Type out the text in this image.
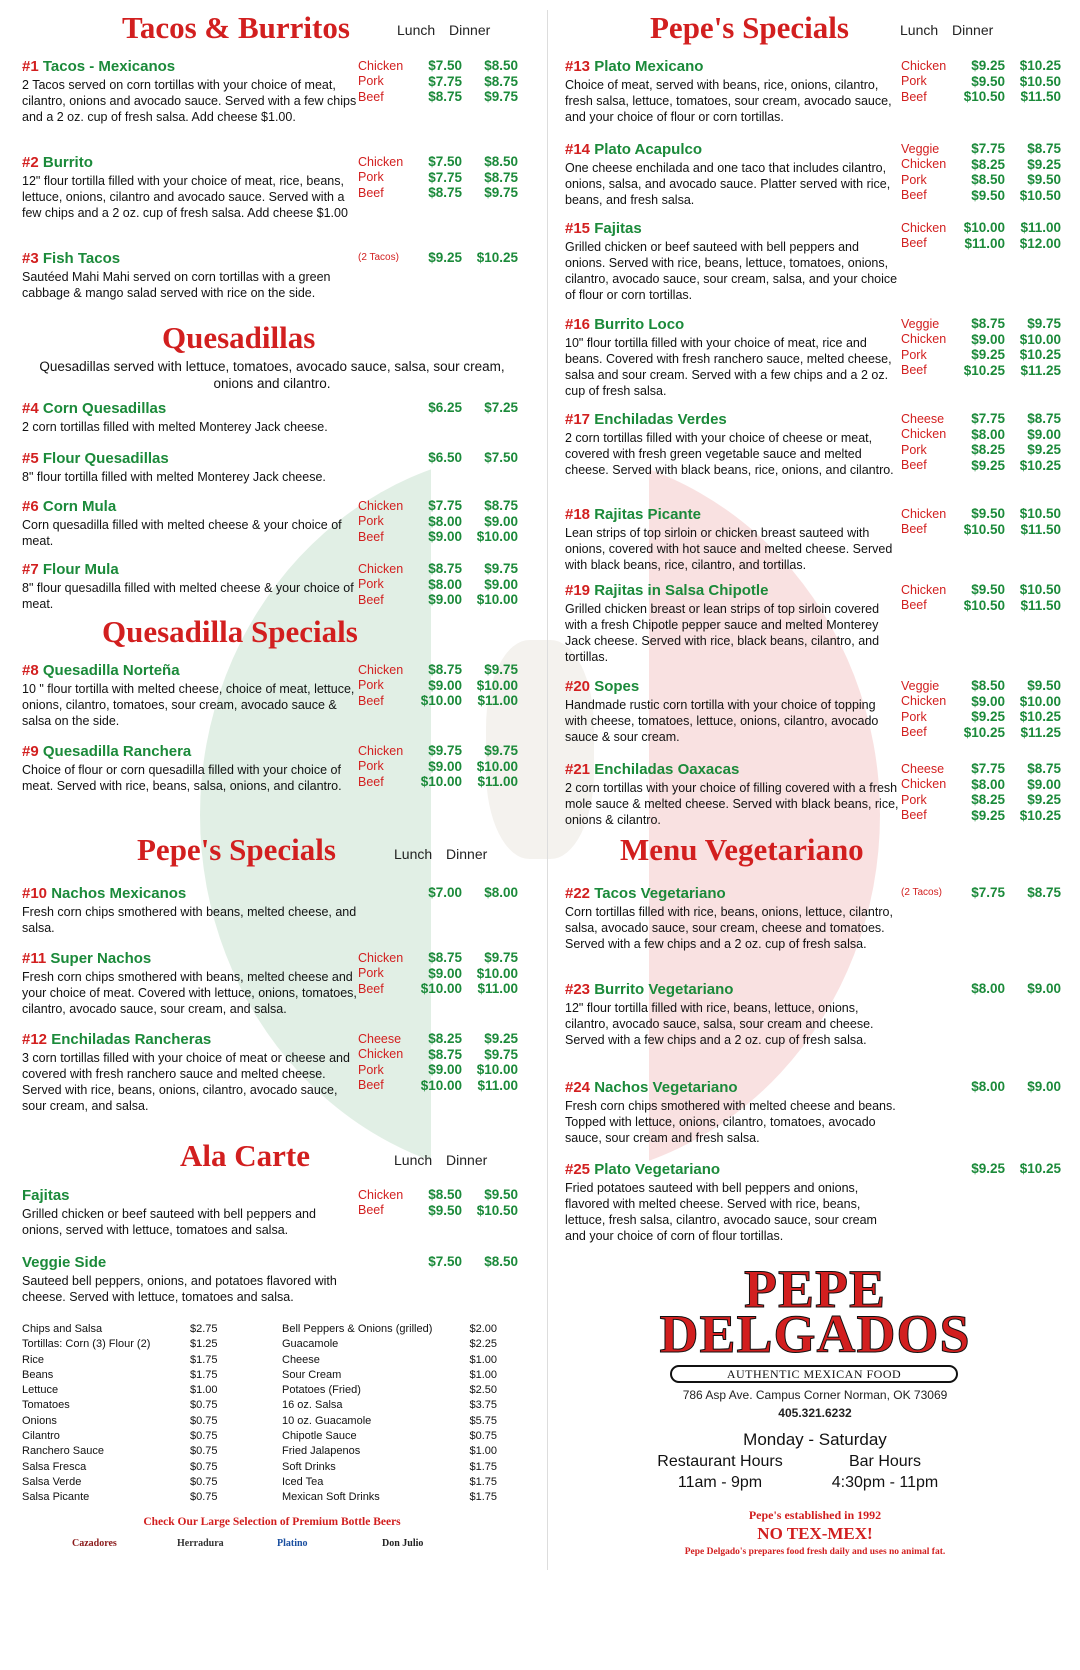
Tacos & Burritos	Lunch Dinner
#1 Tacos - Mexicanos
2 Tacos served on corn tortillas with your choice of meat, cilantro, onions and avocado sauce. Served with a few chips and a 2 oz. cup of fresh salsa. Add cheese $1.00.
Chicken	$7.50	$8.50
Pork	$7.75	$8.75
Beef	$8.75	$9.75
#2 Burrito
12" flour tortilla filled with your choice of meat, rice, beans, lettuce, onions, cilantro and avocado sauce. Served with a few chips and a 2 oz. cup of fresh salsa. Add cheese $1.00
Chicken	$7.50	$8.50
Pork	$7.75	$8.75
Beef	$8.75	$9.75
#3 Fish Tacos
Sautéed Mahi Mahi served on corn tortillas with a green cabbage & mango salad served with rice on the side.
(2 Tacos)	$9.25	$10.25
Quesadillas
Quesadillas served with lettuce, tomatoes, avocado sauce, salsa, sour cream, onions and cilantro.
#4 Corn Quesadillas
2 corn tortillas filled with melted Monterey Jack cheese.
$6.25	$7.25
#5 Flour Quesadillas
8" flour tortilla filled with melted Monterey Jack cheese.
$6.50	$7.50
#6 Corn Mula
Corn quesadilla filled with melted cheese & your choice of meat.
Chicken	$7.75	$8.75
Pork	$8.00	$9.00
Beef	$9.00	$10.00
#7 Flour Mula
8" flour quesadilla filled with melted cheese & your choice of meat.
Chicken	$8.75	$9.75
Pork	$8.00	$9.00
Beef	$9.00	$10.00
Quesadilla Specials
#8 Quesadilla Norteña
10 " flour tortilla with melted cheese, choice of meat, lettuce, onions, cilantro, tomatoes, sour cream, avocado sauce & salsa on the side.
Chicken	$8.75	$9.75
Pork	$9.00	$10.00
Beef	$10.00	$11.00
#9 Quesadilla Ranchera
Choice of flour or corn quesadilla filled with your choice of meat. Served with rice, beans, salsa, onions, and cilantro.
Chicken	$9.75	$9.75
Pork	$9.00	$10.00
Beef	$10.00	$11.00
Pepe's Specials	Lunch Dinner
#10 Nachos Mexicanos
Fresh corn chips smothered with beans, melted cheese, and salsa.
$7.00	$8.00
#11 Super Nachos
Fresh corn chips smothered with beans, melted cheese and your choice of meat. Covered with lettuce, onions, tomatoes, cilantro, avocado sauce, sour cream, and salsa.
Chicken	$8.75	$9.75
Pork	$9.00	$10.00
Beef	$10.00	$11.00
#12 Enchiladas Rancheras
3 corn tortillas filled with your choice of meat or cheese and covered with fresh ranchero sauce and melted cheese. Served with rice, beans, onions, cilantro, avocado sauce, sour cream, and salsa.
Cheese	$8.25	$9.25
Chicken	$8.75	$9.75
Pork	$9.00	$10.00
Beef	$10.00	$11.00
Ala Carte	Lunch Dinner
Fajitas
Grilled chicken or beef sauteed with bell peppers and onions, served with lettuce, tomatoes and salsa.
Chicken	$8.50	$9.50
Beef	$9.50	$10.50
Veggie Side
Sauteed bell peppers, onions, and potatoes flavored with cheese. Served with lettuce, tomatoes and salsa.
$7.50	$8.50
Chips and Salsa	$2.75
Tortillas: Corn (3) Flour (2)	$1.25
Rice	$1.75
Beans	$1.75
Lettuce	$1.00
Tomatoes	$0.75
Onions	$0.75
Cilantro	$0.75
Ranchero Sauce	$0.75
Salsa Fresca	$0.75
Salsa Verde	$0.75
Salsa Picante	$0.75
Bell Peppers & Onions (grilled)	$2.00
Guacamole	$2.25
Cheese	$1.00
Sour Cream	$1.00
Potatoes (Fried)	$2.50
16 oz. Salsa	$3.75
10 oz. Guacamole	$5.75
Chipotle Sauce	$0.75
Fried Jalapenos	$1.00
Soft Drinks	$1.75
Iced Tea	$1.75
Mexican Soft Drinks	$1.75
Check Our Large Selection of Premium Bottle Beers
Cazadores	Herradura	Platino	Don Julio
Pepe's Specials	Lunch Dinner
#13 Plato Mexicano
Choice of meat, served with beans, rice, onions, cilantro, fresh salsa, lettuce, tomatoes, sour cream, avocado sauce, and your choice of flour or corn tortillas.
Chicken	$9.25	$10.25
Pork	$9.50	$10.50
Beef	$10.50	$11.50
#14 Plato Acapulco
One cheese enchilada and one taco that includes cilantro, onions, salsa, and avocado sauce. Platter served with rice, beans, and fresh salsa.
Veggie	$7.75	$8.75
Chicken	$8.25	$9.25
Pork	$8.50	$9.50
Beef	$9.50	$10.50
#15 Fajitas
Grilled chicken or beef sauteed with bell peppers and onions. Served with rice, beans, lettuce, tomatoes, onions, cilantro, avocado sauce, sour cream, salsa, and your choice of flour or corn tortillas.
Chicken	$10.00	$11.00
Beef	$11.00	$12.00
#16 Burrito Loco
10" flour tortilla filled with your choice of meat, rice and beans. Covered with fresh ranchero sauce, melted cheese, salsa and sour cream. Served with a few chips and a 2 oz. cup of fresh salsa.
Veggie	$8.75	$9.75
Chicken	$9.00	$10.00
Pork	$9.25	$10.25
Beef	$10.25	$11.25
#17 Enchiladas Verdes
2 corn tortillas filled with your choice of cheese or meat, covered with fresh green vegetable sauce and melted cheese. Served with black beans, rice, onions, and cilantro.
Cheese	$7.75	$8.75
Chicken	$8.00	$9.00
Pork	$8.25	$9.25
Beef	$9.25	$10.25
#18 Rajitas Picante
Lean strips of top sirloin or chicken breast sauteed with onions, covered with hot sauce and melted cheese. Served with black beans, rice, cilantro, and tortillas.
Chicken	$9.50	$10.50
Beef	$10.50	$11.50
#19 Rajitas in Salsa Chipotle
Grilled chicken breast or lean strips of top sirloin covered with a fresh Chipotle pepper sauce and melted Monterey Jack cheese. Served with rice, black beans, cilantro, and tortillas.
Chicken	$9.50	$10.50
Beef	$10.50	$11.50
#20 Sopes
Handmade rustic corn tortilla with your choice of topping with cheese, tomatoes, lettuce, onions, cilantro, avocado sauce & sour cream.
Veggie	$8.50	$9.50
Chicken	$9.00	$10.00
Pork	$9.25	$10.25
Beef	$10.25	$11.25
#21 Enchiladas Oaxacas
2 corn tortillas with your choice of filling covered with a fresh mole sauce & melted cheese. Served with black beans, rice, onions & cilantro.
Cheese	$7.75	$8.75
Chicken	$8.00	$9.00
Pork	$8.25	$9.25
Beef	$9.25	$10.25
Menu Vegetariano
#22 Tacos Vegetariano
Corn tortillas filled with rice, beans, onions, lettuce, cilantro, salsa, avocado sauce, sour cream, cheese and tomatoes. Served with a few chips and a 2 oz. cup of fresh salsa.
(2 Tacos)	$7.75	$8.75
#23 Burrito Vegetariano
12" flour tortilla filled with rice, beans, lettuce, onions, cilantro, avocado sauce, salsa, sour cream and cheese. Served with a few chips and a 2 oz. cup of fresh salsa.
$8.00	$9.00
#24 Nachos Vegetariano
Fresh corn chips smothered with melted cheese and beans. Topped with lettuce, onions, cilantro, tomatoes, avocado sauce, sour cream and fresh salsa.
$8.00	$9.00
#25 Plato Vegetariano
Fried potatoes sauteed with bell peppers and onions, flavored with melted cheese. Served with rice, beans, lettuce, fresh salsa, cilantro, avocado sauce, sour cream and your choice of corn of flour tortillas.
$9.25	$10.25
PEPE
DELGADOS
AUTHENTIC MEXICAN FOOD
786 Asp Ave. Campus Corner Norman, OK 73069
405.321.6232
Monday - Saturday
Restaurant Hours
11am - 9pm
Bar Hours
4:30pm - 11pm
Pepe's established in 1992
NO TEX-MEX!
Pepe Delgado's prepares food fresh daily and uses no animal fat.
